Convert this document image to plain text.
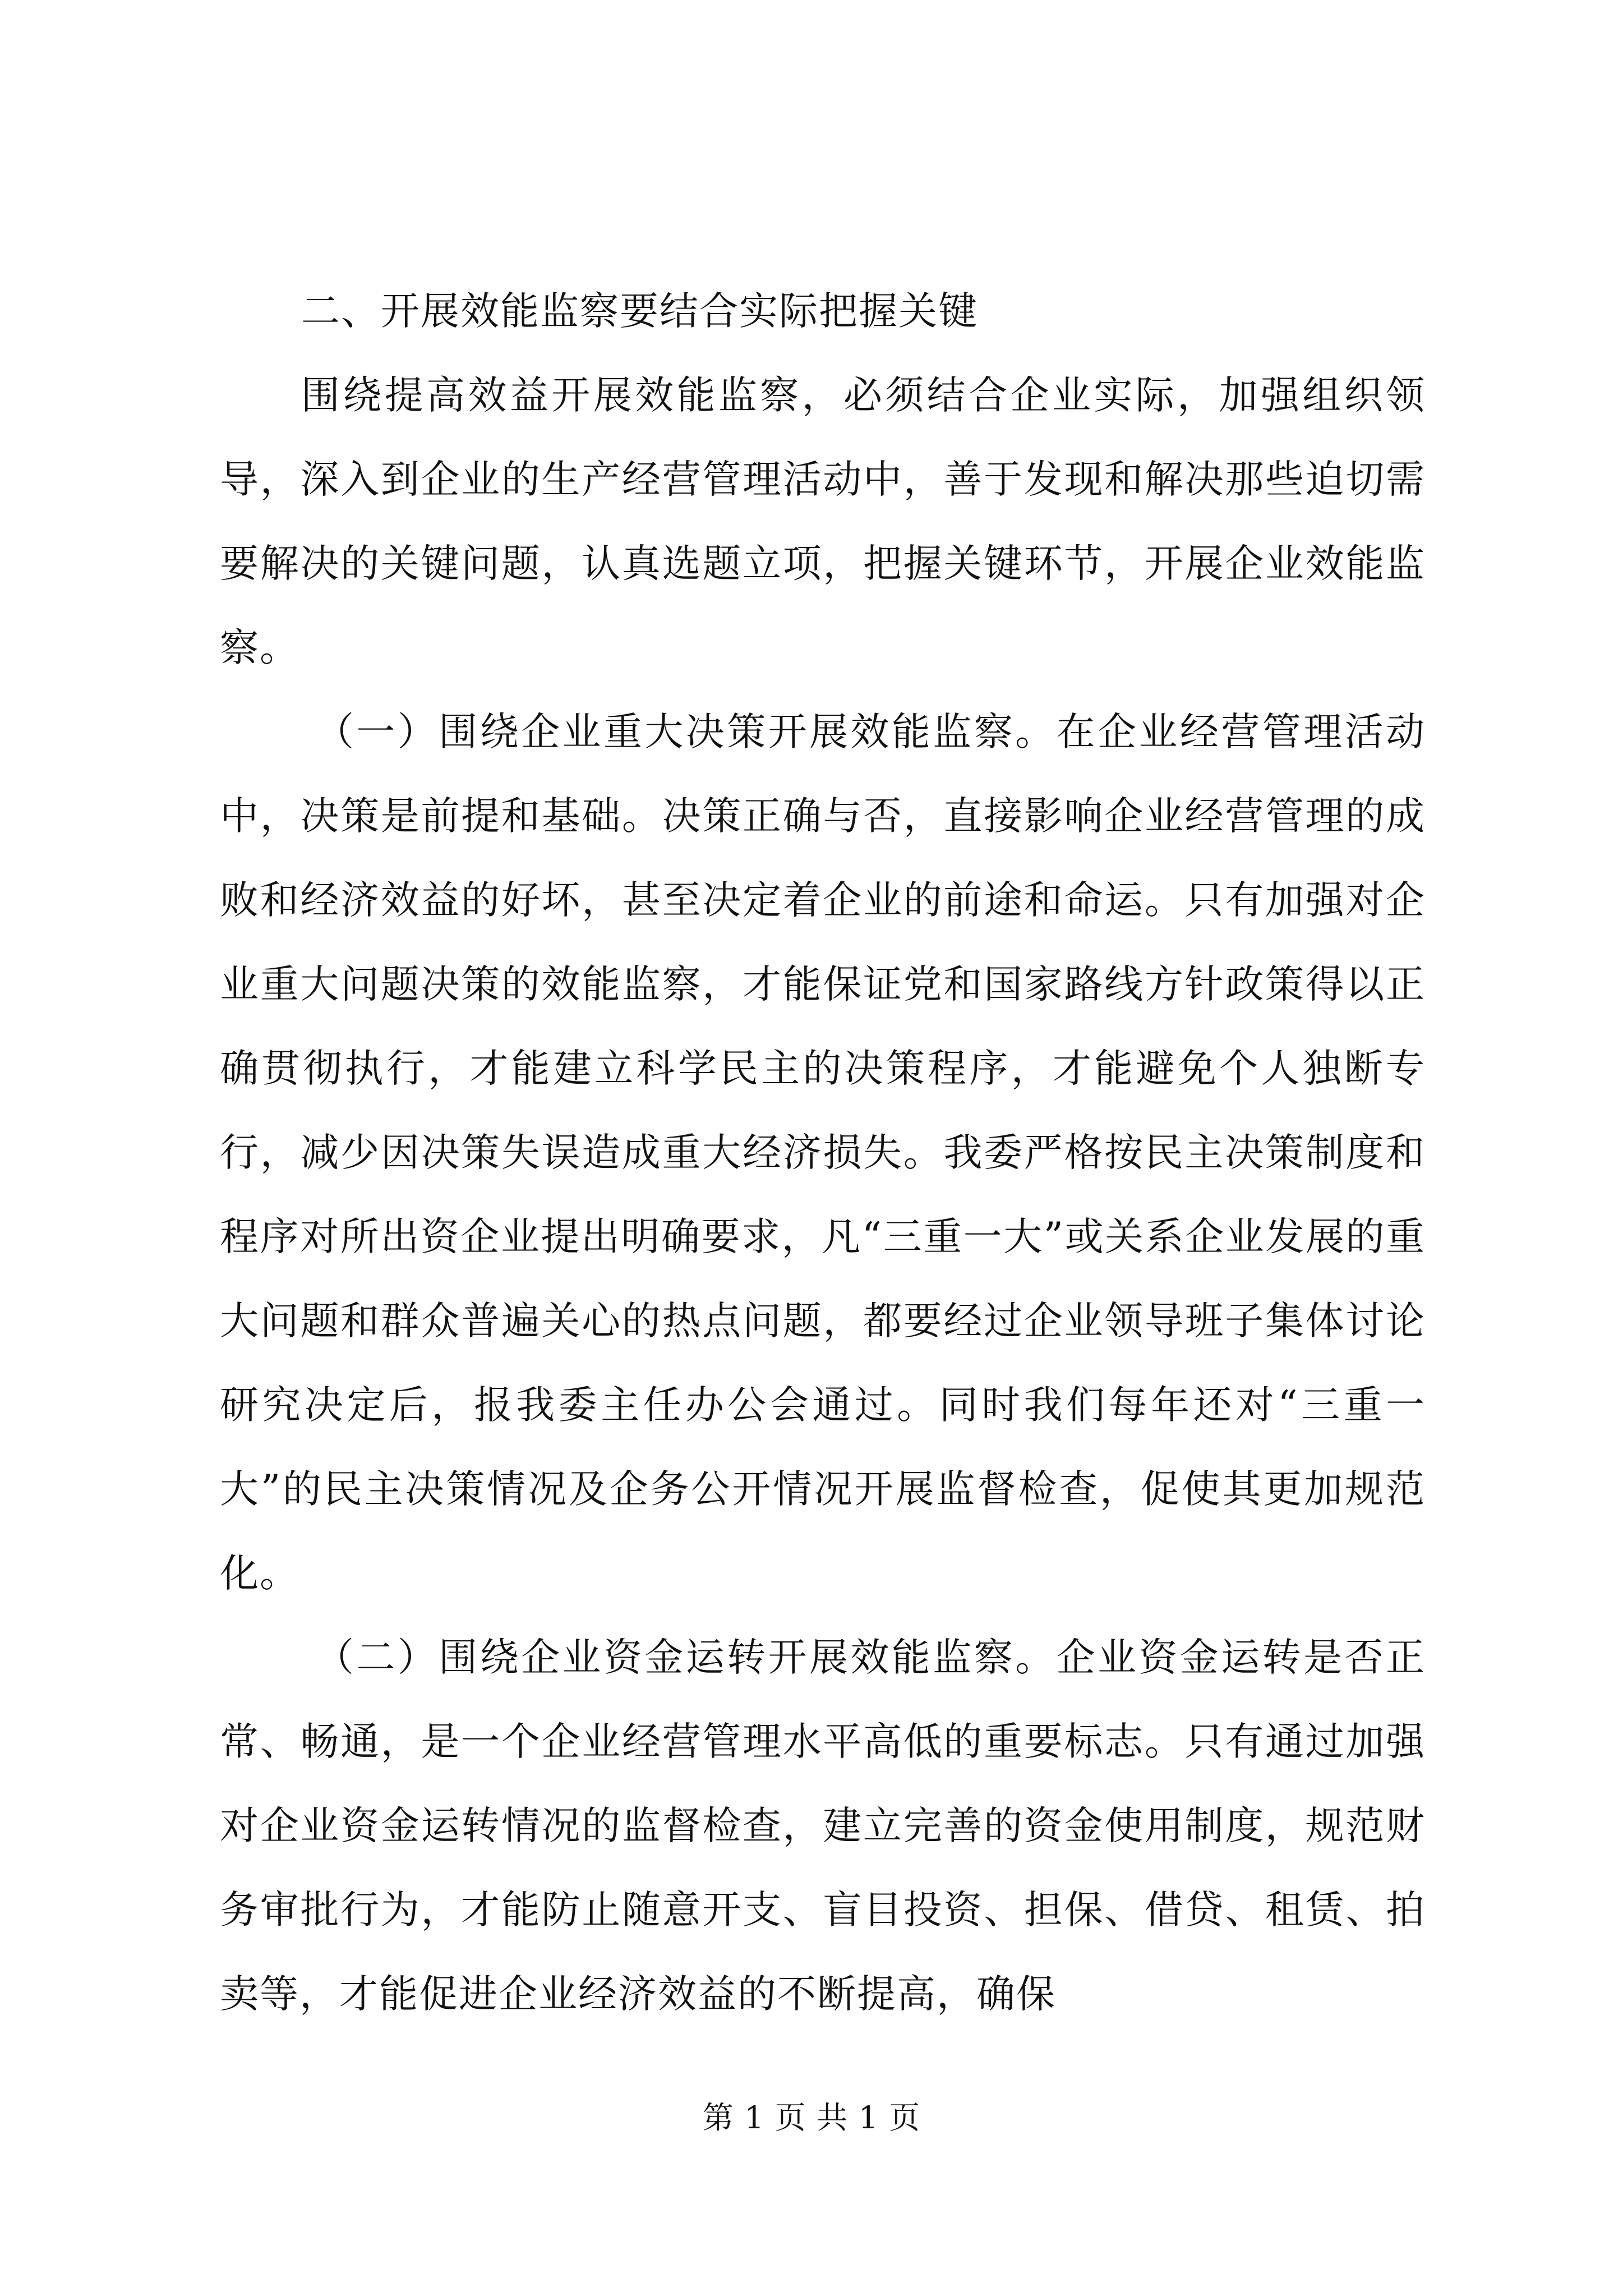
二、开展效能监察要结合实际把握关键

围绕提高效益开展效能监察，必须结合企业实际，加强组织领导，深入到企业的生产经营管理活动中，善于发现和解决那些迫切需要解决的关键问题，认真选题立项，把握关键环节，开展企业效能监察。

（一）围绕企业重大决策开展效能监察。在企业经营管理活动中，决策是前提和基础。决策正确与否，直接影响企业经营管理的成败和经济效益的好坏，甚至决定着企业的前途和命运。只有加强对企业重大问题决策的效能监察，才能保证党和国家路线方针政策得以正确贯彻执行，才能建立科学民主的决策程序，才能避免个人独断专行，减少因决策失误造成重大经济损失。我委严格按民主决策制度和程序对所出资企业提出明确要求，凡“三重一大”或关系企业发展的重大问题和群众普遍关心的热点问题，都要经过企业领导班子集体讨论研究决定后，报我委主任办公会通过。同时我们每年还对“三重一大”的民主决策情况及企务公开情况开展监督检查，促使其更加规范化。

（二）围绕企业资金运转开展效能监察。企业资金运转是否正常、畅通，是一个企业经营管理水平高低的重要标志。只有通过加强对企业资金运转情况的监督检查，建立完善的资金使用制度，规范财务审批行为，才能防止随意开支、盲目投资、担保、借贷、租赁、拍卖等，才能促进企业经济效益的不断提高，确保

第 1 页 共 1 页
